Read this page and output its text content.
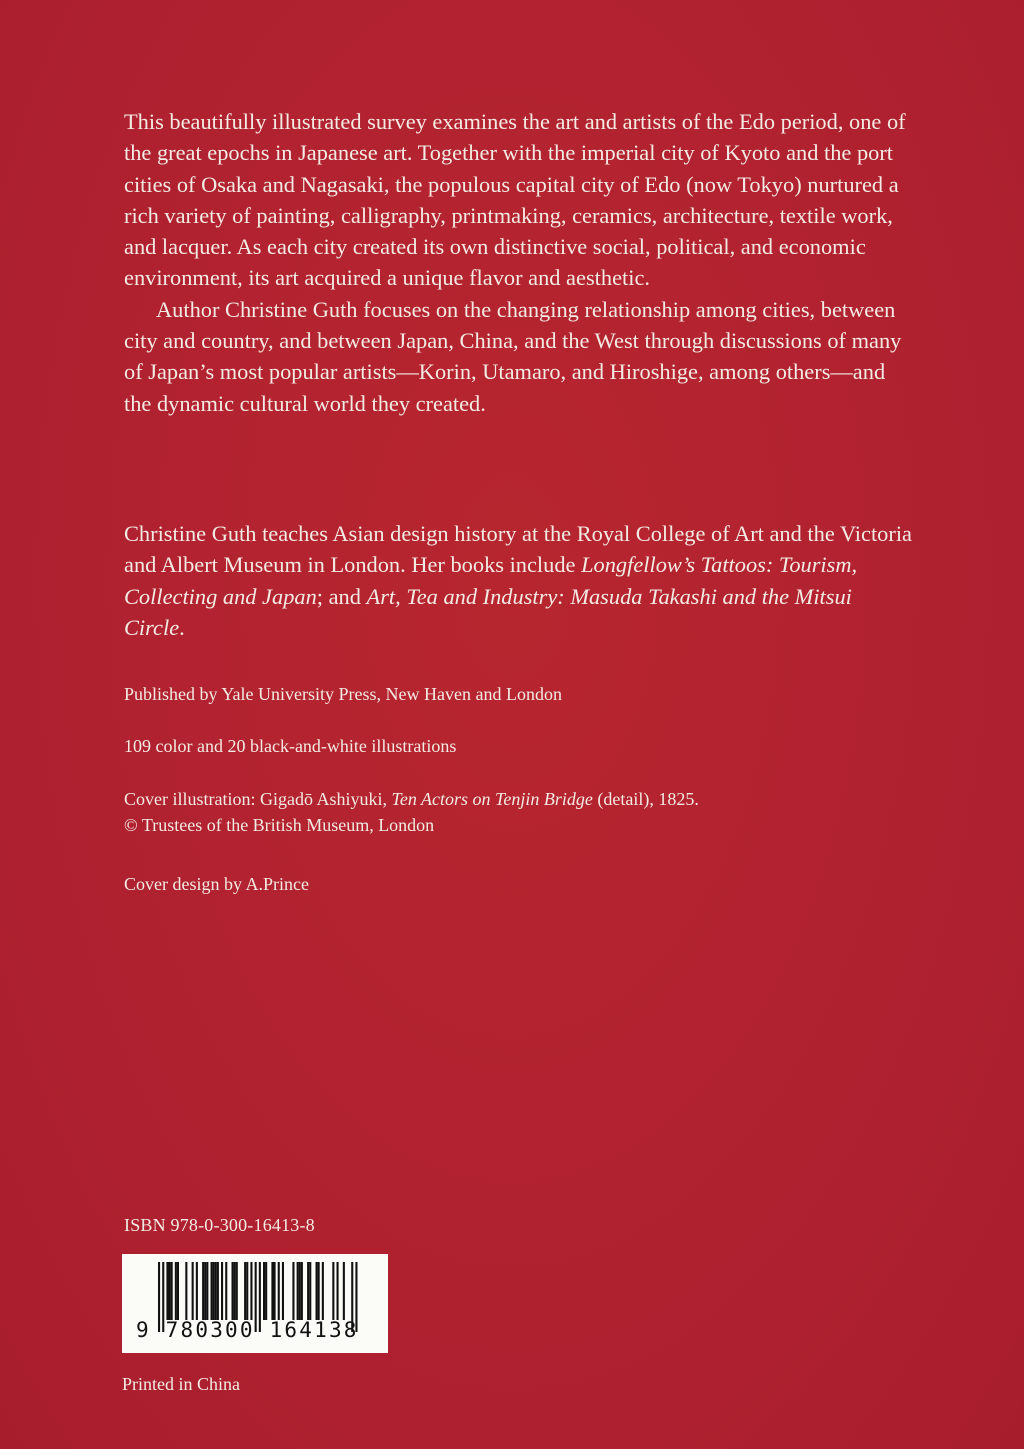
This beautifully illustrated survey examines the art and artists of the Edo period, one of the great epochs in Japanese art. Together with the imperial city of Kyoto and the port cities of Osaka and Nagasaki, the populous capital city of Edo (now Tokyo) nurtured a rich variety of painting, calligraphy, printmaking, ceramics, architecture, textile work, and lacquer. As each city created its own distinctive social, political, and economic environment, its art acquired a unique flavor and aesthetic.

Author Christine Guth focuses on the changing relationship among cities, between city and country, and between Japan, China, and the West through discussions of many of Japan’s most popular artists—Korin, Utamaro, and Hiroshige, among others—and the dynamic cultural world they created.

Christine Guth teaches Asian design history at the Royal College of Art and the Victoria and Albert Museum in London. Her books include Longfellow’s Tattoos: Tourism, Collecting and Japan; and Art, Tea and Industry: Masuda Takashi and the Mitsui Circle.

Published by Yale University Press, New Haven and London

109 color and 20 black-and-white illustrations

Cover illustration: Gigadō Ashiyuki, Ten Actors on Tenjin Bridge (detail), 1825.

© Trustees of the British Museum, London

Cover design by A.Prince

ISBN 978-0-300-16413-8
9 780300 164138
Printed in China
